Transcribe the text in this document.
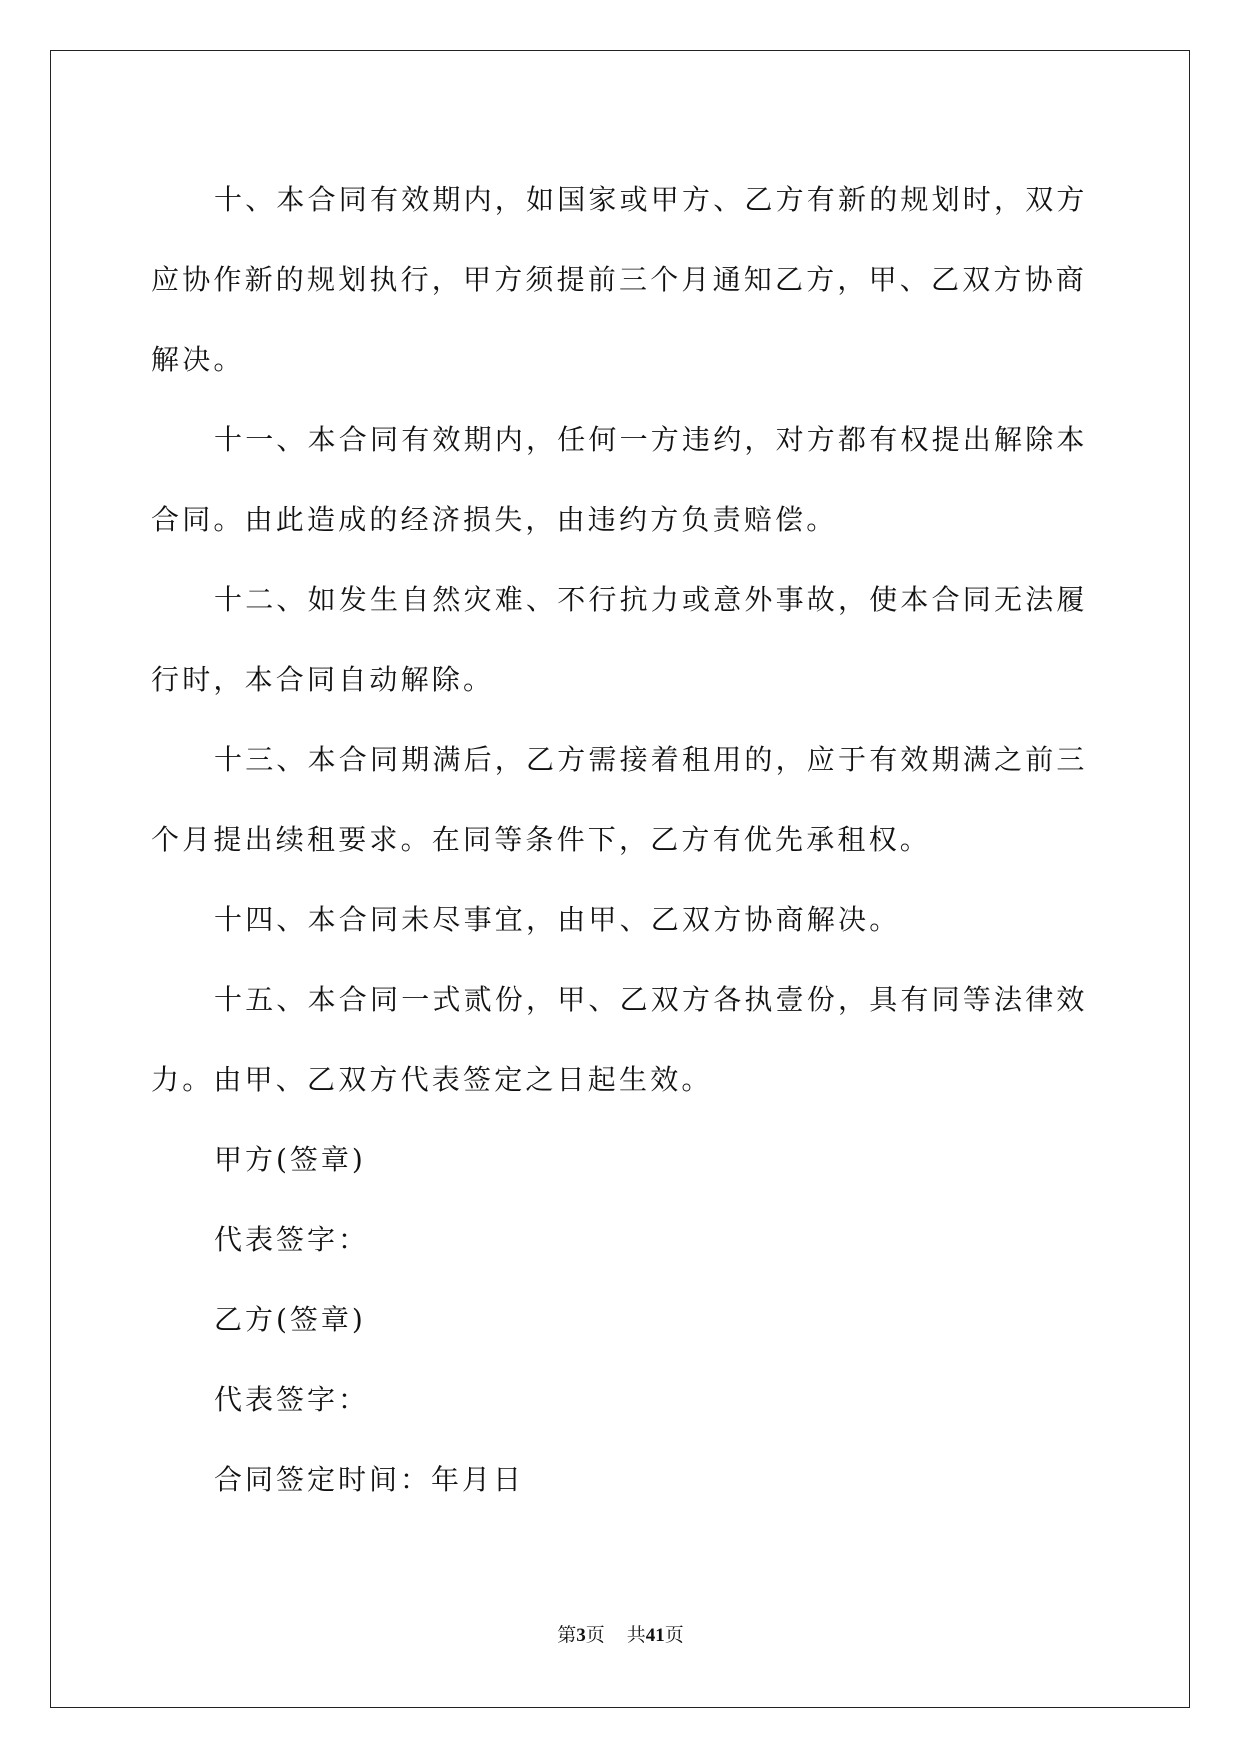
十、本合同有效期内，如国家或甲方、乙方有新的规划时，双方应协作新的规划执行，甲方须提前三个月通知乙方，甲、乙双方协商解决。

十一、本合同有效期内，任何一方违约，对方都有权提出解除本合同。由此造成的经济损失，由违约方负责赔偿。

十二、如发生自然灾难、不行抗力或意外事故，使本合同无法履行时，本合同自动解除。

十三、本合同期满后，乙方需接着租用的，应于有效期满之前三个月提出续租要求。在同等条件下，乙方有优先承租权。

十四、本合同未尽事宜，由甲、乙双方协商解决。

十五、本合同一式贰份，甲、乙双方各执壹份，具有同等法律效力。由甲、乙双方代表签定之日起生效。

甲方(签章)

代表签字：

乙方(签章)

代表签字：

合同签定时间：年月日

第3页 共41页
